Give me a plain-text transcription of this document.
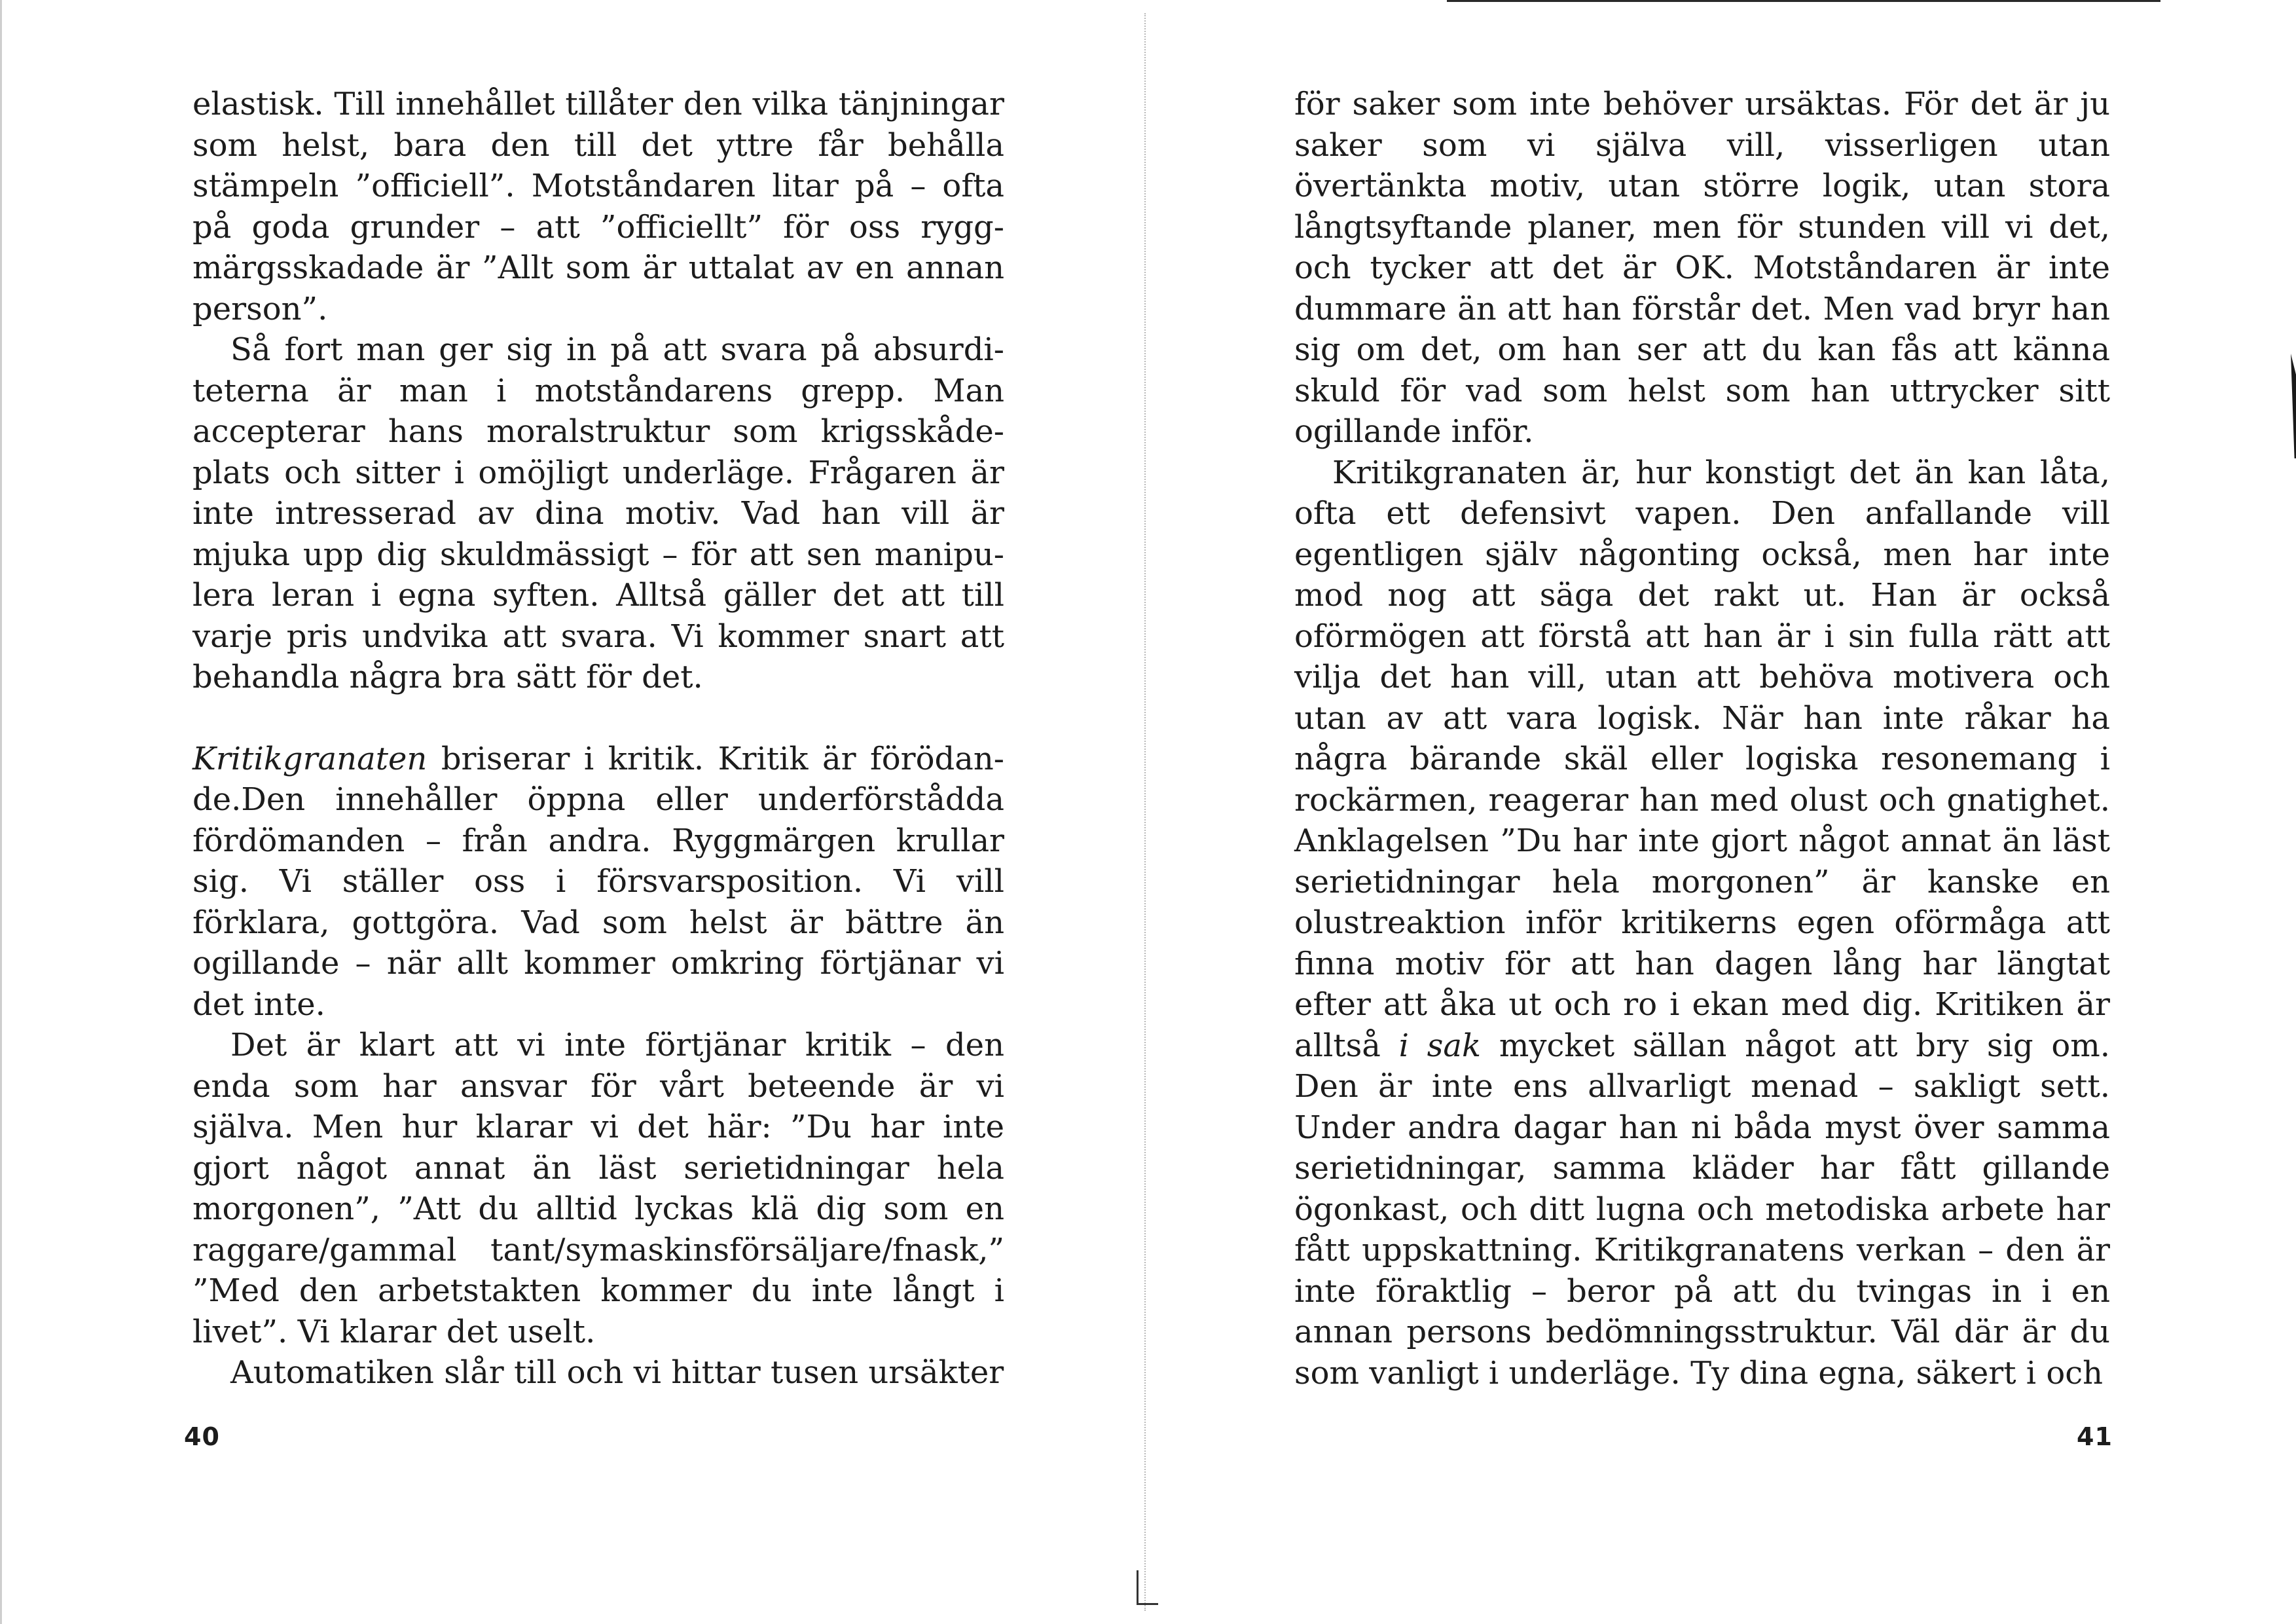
elastisk. Till innehållet tillåter den vilka tänjningar som helst, bara den till det yttre får behålla stämpeln ”officiell”. Motståndaren litar på – ofta på goda grunder – att ”officiellt” för oss ryggmärgsskadade är ”Allt som är uttalat av en annan person”.

Så fort man ger sig in på att svara på absurditeterna är man i motståndarens grepp. Man accepterar hans moralstruktur som krigsskådeplats och sitter i omöjligt underläge. Frågaren är inte intresserad av dina motiv. Vad han vill är mjuka upp dig skuldmässigt – för att sen manipulera leran i egna syften. Alltså gäller det att till varje pris undvika att svara. Vi kommer snart att behandla några bra sätt för det.

Kritikgranaten briserar i kritik. Kritik är förödande.Den innehåller öppna eller underförstådda fördömanden – från andra. Ryggmärgen krullar sig. Vi ställer oss i försvarsposition. Vi vill förklara, gottgöra. Vad som helst är bättre än ogillande – när allt kommer omkring förtjänar vi det inte.

Det är klart att vi inte förtjänar kritik – den enda som har ansvar för vårt beteende är vi själva. Men hur klarar vi det här: ”Du har inte gjort något annat än läst serietidningar hela morgonen”, ”Att du alltid lyckas klä dig som en raggare/gammal tant/symaskinsförsäljare/fnask,” ”Med den arbetstakten kommer du inte långt i livet”. Vi klarar det uselt.

Automatiken slår till och vi hittar tusen ursäkter

40

för saker som inte behöver ursäktas. För det är ju saker som vi själva vill, visserligen utan övertänkta motiv, utan större logik, utan stora långtsyftande planer, men för stunden vill vi det, och tycker att det är OK. Motståndaren är inte dummare än att han förstår det. Men vad bryr han sig om det, om han ser att du kan fås att känna skuld för vad som helst som han uttrycker sitt ogillande inför.

Kritikgranaten är, hur konstigt det än kan låta, ofta ett defensivt vapen. Den anfallande vill egentligen själv någonting också, men har inte mod nog att säga det rakt ut. Han är också oförmögen att förstå att han är i sin fulla rätt att vilja det han vill, utan att behöva motivera och utan av att vara logisk. När han inte råkar ha några bärande skäl eller logiska resonemang i rockärmen, reagerar han med olust och gnatighet. Anklagelsen ”Du har inte gjort något annat än läst serietidningar hela morgonen” är kanske en olustreaktion inför kritikerns egen oförmåga att finna motiv för att han dagen lång har längtat efter att åka ut och ro i ekan med dig. Kritiken är alltså i sak mycket sällan något att bry sig om. Den är inte ens allvarligt menad – sakligt sett. Under andra dagar han ni båda myst över samma serietidningar, samma kläder har fått gillande ögonkast, och ditt lugna och metodiska arbete har fått uppskattning. Kritikgranatens verkan – den är inte föraktlig – beror på att du tvingas in i en annan persons bedömningsstruktur. Väl där är du som vanligt i underläge. Ty dina egna, säkert i och

41
